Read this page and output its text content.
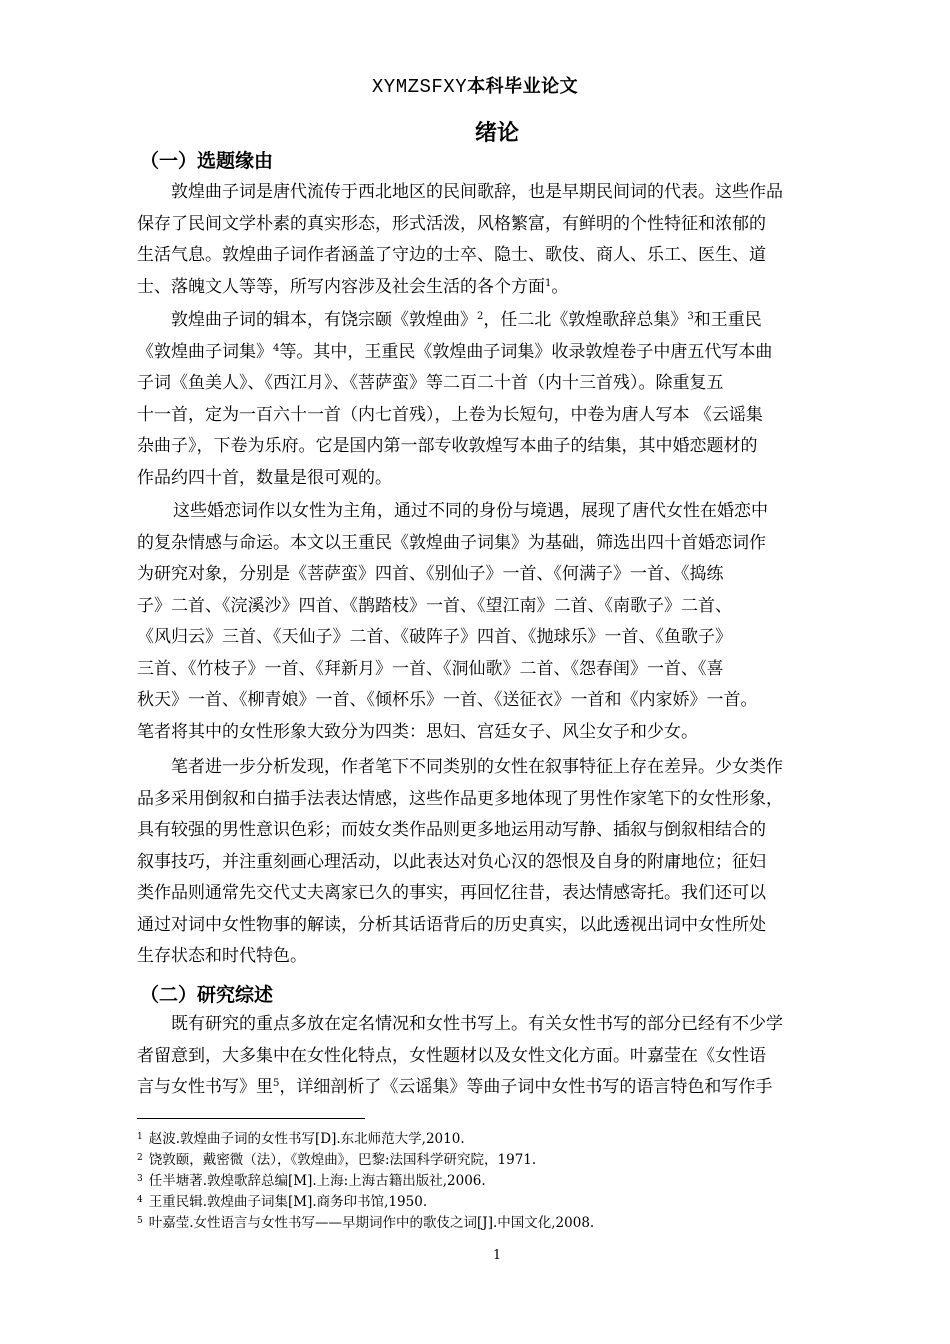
XYMZSFXY本科毕业论文
绪论
（一）选题缘由
敦煌曲子词是唐代流传于西北地区的民间歌辞，也是早期民间词的代表。这些作品
保存了民间文学朴素的真实形态，形式活泼，风格繁富，有鲜明的个性特征和浓郁的
生活气息。敦煌曲子词作者涵盖了守边的士卒、隐士、歌伎、商人、乐工、医生、道
士、落魄文人等等，所写内容涉及社会生活的各个方面$^1$。
敦煌曲子词的辑本，有饶宗颐《敦煌曲》$^2$，任二北《敦煌歌辞总集》$^3$和王重民
《敦煌曲子词集》$^4$等。其中，王重民《敦煌曲子词集》收录敦煌卷子中唐五代写本曲
子词《鱼美人》、《西江月》、《菩萨蛮》等二百二十首（内十三首残）。除重复五
十一首，定为一百六十一首（内七首残），上卷为长短句，中卷为唐人写本 《云谣集
杂曲子》，下卷为乐府。它是国内第一部专收敦煌写本曲子的结集，其中婚恋题材的
作品约四十首，数量是很可观的。
这些婚恋词作以女性为主角，通过不同的身份与境遇，展现了唐代女性在婚恋中
的复杂情感与命运。本文以王重民《敦煌曲子词集》为基础，筛选出四十首婚恋词作
为研究对象，分别是《菩萨蛮》四首、《别仙子》一首、《何满子》一首、《捣练
子》二首、《浣溪沙》四首、《鹊踏枝》一首、《望江南》二首、《南歌子》二首、
《风归云》三首、《天仙子》二首、《破阵子》四首、《抛球乐》一首、《鱼歌子》
三首、《竹枝子》一首、《拜新月》一首、《洞仙歌》二首、《怨春闺》一首、《喜
秋天》一首、《柳青娘》一首、《倾杯乐》一首、《送征衣》一首和《内家娇》一首。
笔者将其中的女性形象大致分为四类：思妇、宫廷女子、风尘女子和少女。
笔者进一步分析发现，作者笔下不同类别的女性在叙事特征上存在差异。少女类作
品多采用倒叙和白描手法表达情感，这些作品更多地体现了男性作家笔下的女性形象，
具有较强的男性意识色彩；而妓女类作品则更多地运用动写静、插叙与倒叙相结合的
叙事技巧，并注重刻画心理活动，以此表达对负心汉的怨恨及自身的附庸地位；征妇
类作品则通常先交代丈夫离家已久的事实，再回忆往昔，表达情感寄托。我们还可以
通过对词中女性物事的解读，分析其话语背后的历史真实，以此透视出词中女性所处
生存状态和时代特色。
（二）研究综述
既有研究的重点多放在定名情况和女性书写上。有关女性书写的部分已经有不少学
者留意到，大多集中在女性化特点，女性题材以及女性文化方面。叶嘉莹在《女性语
言与女性书写》里$^5$，详细剖析了《云谣集》等曲子词中女性书写的语言特色和写作手
$^1$ 赵波.敦煌曲子词的女性书写[D].东北师范大学,2010.
$^2$ 饶敦颐，戴密微（法），《敦煌曲》，巴黎:法国科学研究院，1971.
$^3$ 任半塘著.敦煌歌辞总编[M].上海:上海古籍出版社,2006.
$^4$ 王重民辑.敦煌曲子词集[M].商务印书馆,1950.
$^5$ 叶嘉莹.女性语言与女性书写——早期词作中的歌伎之词[J].中国文化,2008.
1
